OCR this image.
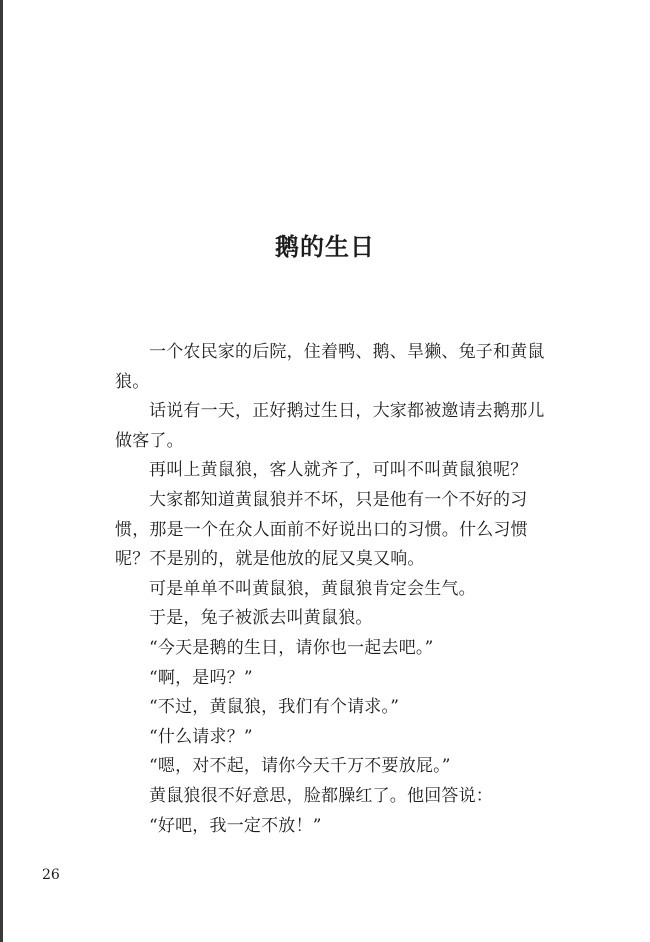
鹅的生日

一个农民家的后院，住着鸭、鹅、旱獭、兔子和黄鼠狼。

话说有一天，正好鹅过生日，大家都被邀请去鹅那儿做客了。

再叫上黄鼠狼，客人就齐了，可叫不叫黄鼠狼呢？

大家都知道黄鼠狼并不坏，只是他有一个不好的习惯，那是一个在众人面前不好说出口的习惯。什么习惯呢？不是别的，就是他放的屁又臭又响。

可是单单不叫黄鼠狼，黄鼠狼肯定会生气。

于是，兔子被派去叫黄鼠狼。

“今天是鹅的生日，请你也一起去吧。”

“啊，是吗？”

“不过，黄鼠狼，我们有个请求。”

“什么请求？”

“嗯，对不起，请你今天千万不要放屁。”

黄鼠狼很不好意思，脸都臊红了。他回答说：

“好吧，我一定不放！”

26
